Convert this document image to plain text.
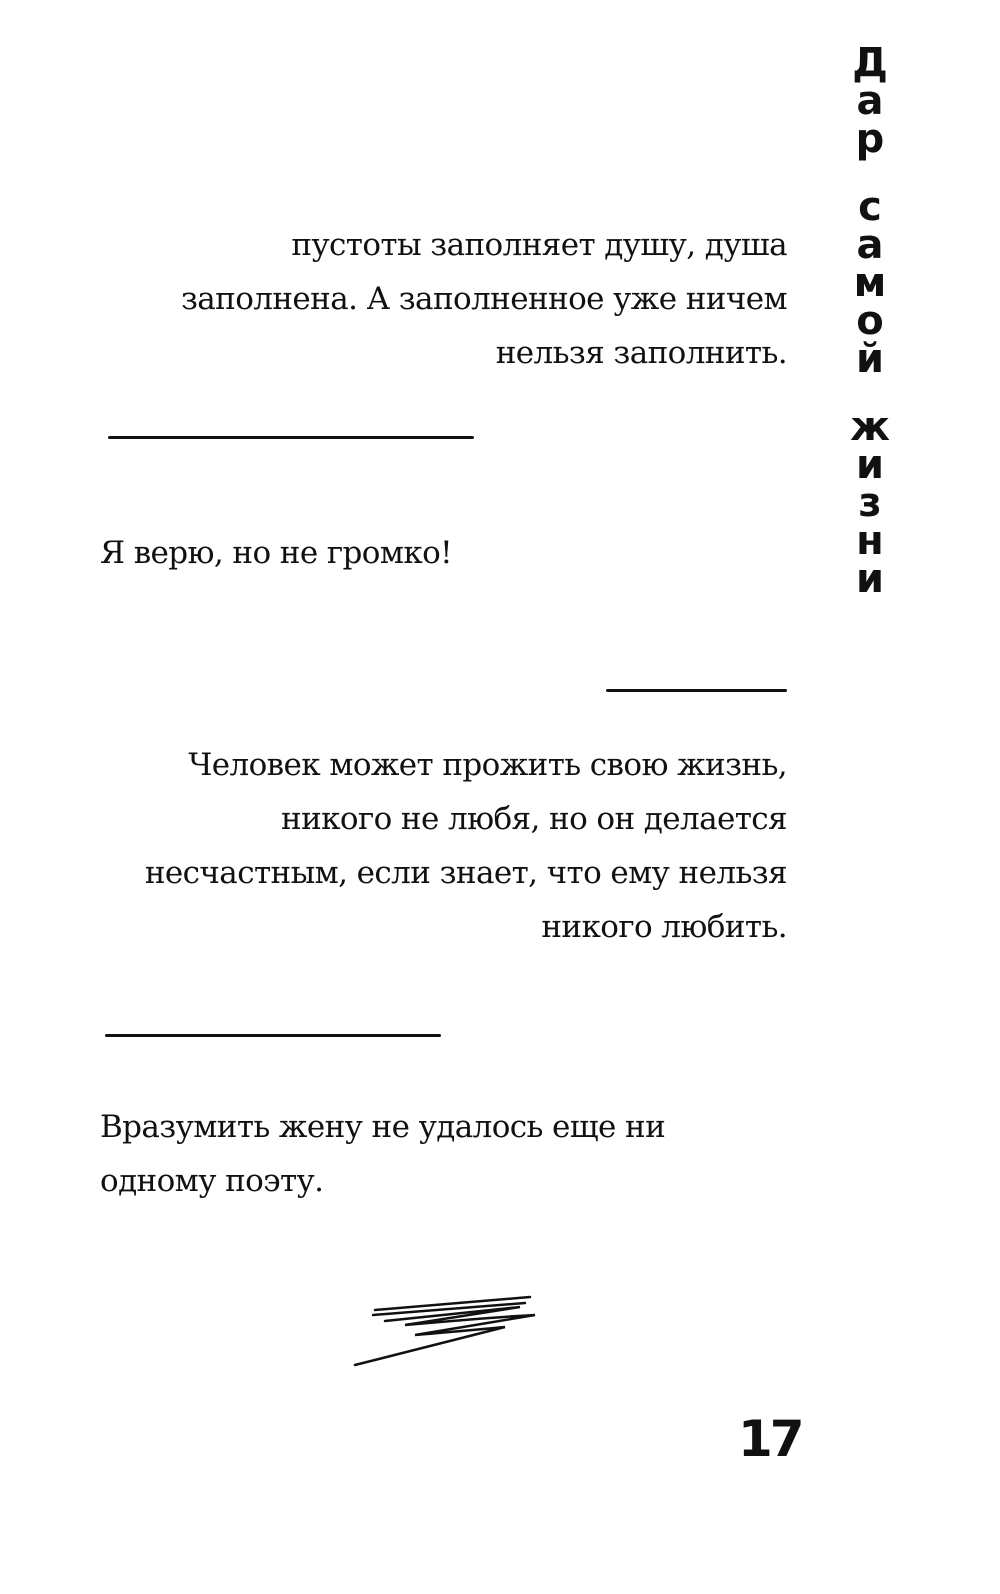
Д
а
р
с
а
м
о
й
ж
и
з
н
и
пустоты заполняет душу, душа
заполнена. А заполненное уже ничем
нельзя заполнить.
Я верю, но не громко!
Человек может прожить свою жизнь,
никого не любя, но он делается
несчастным, если знает, что ему нельзя
никого любить.
Вразумить жену не удалось еще ни
одному поэту.
17
